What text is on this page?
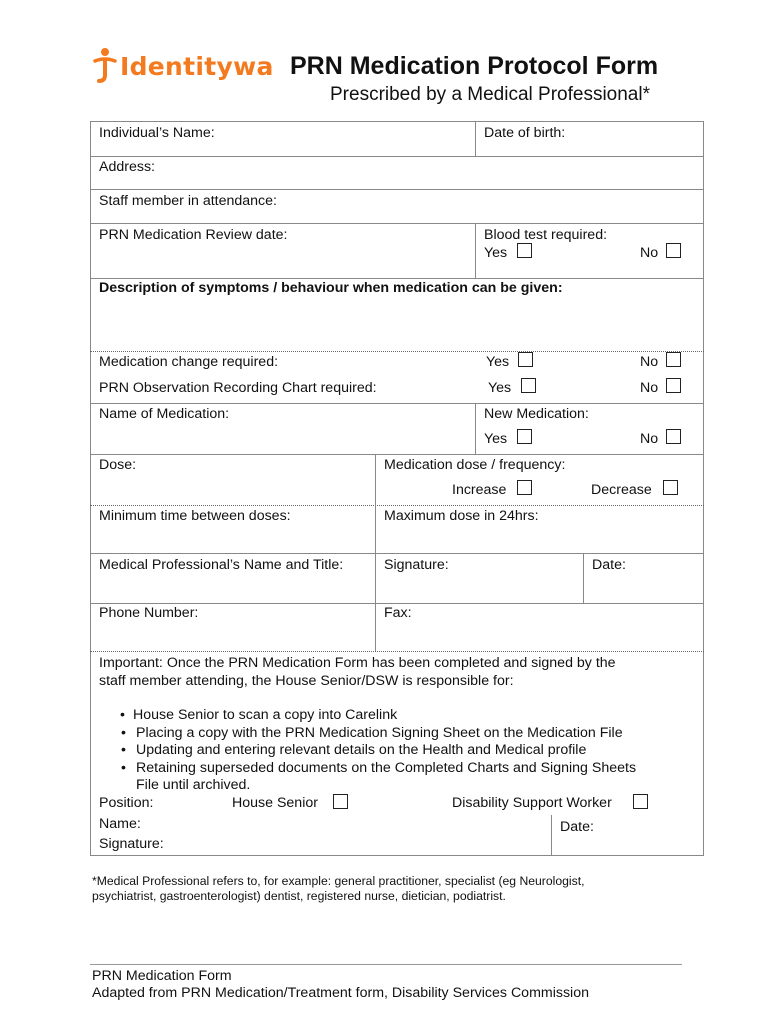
Identitywa PRN Medication Protocol Form
Prescribed by a Medical Professional*
Individual’s Name:	Date of birth:
Address:
Staff member in attendance:
PRN Medication Review date:	Blood test required:
Yes	No
Description of symptoms / behaviour when medication can be given:
Medication change required:	Yes	No
PRN Observation Recording Chart required:	Yes	No
Name of Medication:	New Medication:
Yes	No
Dose:	Medication dose / frequency:
Increase	Decrease
Minimum time between doses:	Maximum dose in 24hrs:
Medical Professional’s Name and Title:	Signature:	Date:
Phone Number:	Fax:
Important: Once the PRN Medication Form has been completed and signed by the
staff member attending, the House Senior/DSW is responsible for:
• House Senior to scan a copy into Carelink
• Placing a copy with the PRN Medication Signing Sheet on the Medication File
• Updating and entering relevant details on the Health and Medical profile
• Retaining superseded documents on the Completed Charts and Signing Sheets
File until archived.
Position:	House Senior	Disability Support Worker
Name:	Date:
Signature:
*Medical Professional refers to, for example: general practitioner, specialist (eg Neurologist,
psychiatrist, gastroenterologist) dentist, registered nurse, dietician, podiatrist.
PRN Medication Form
Adapted from PRN Medication/Treatment form, Disability Services Commission
